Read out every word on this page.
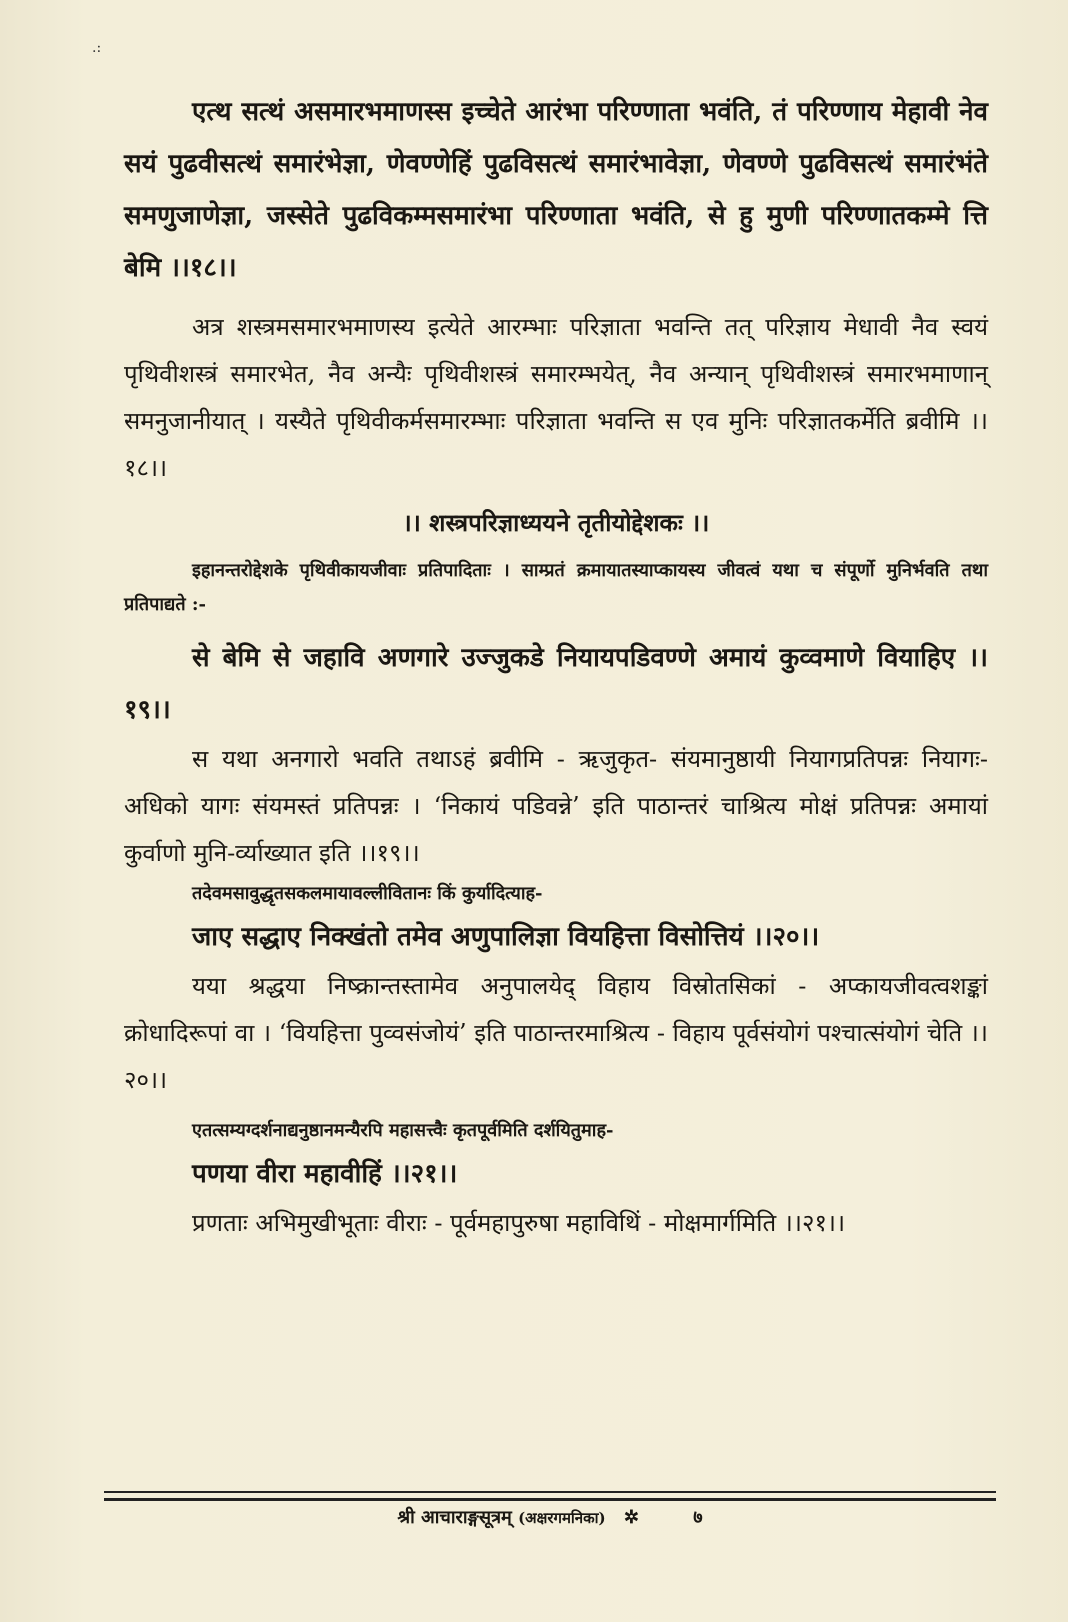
.:

एत्थ सत्थं असमारभमाणस्स इच्चेते आरंभा परिण्णाता भवंति, तं परिण्णाय मेहावी नेव सयं पुढवीसत्थं समारंभेज्ञा, णेवण्णेहिं पुढविसत्थं समारंभावेज्ञा, णेवण्णे पुढविसत्थं समारंभंते समणुजाणेज्ञा, जस्सेते पुढविकम्मसमारंभा परिण्णाता भवंति, से हु मुणी परिण्णातकम्मे त्ति बेमि ।।१८।।

अत्र शस्त्रमसमारभमाणस्य इत्येते आरम्भाः परिज्ञाता भवन्ति तत् परिज्ञाय मेधावी नैव स्वयं पृथिवीशस्त्रं समारभेत, नैव अन्यैः पृथिवीशस्त्रं समारम्भयेत्, नैव अन्यान् पृथिवीशस्त्रं समारभमाणान् समनुजानीयात् । यस्यैते पृथिवीकर्मसमारम्भाः परिज्ञाता भवन्ति स एव मुनिः परिज्ञातकर्मेति ब्रवीमि ।।१८।।

।। शस्त्रपरिज्ञाध्ययने तृतीयोद्देशकः ।।

इहानन्तरोद्देशके पृथिवीकायजीवाः प्रतिपादिताः । साम्प्रतं क्रमायातस्याप्कायस्य जीवत्वं यथा च संपूर्णो मुनिर्भवति तथा प्रतिपाद्यते :-

से बेमि से जहावि अणगारे उज्जुकडे नियायपडिवण्णे अमायं कुव्वमाणे वियाहिए ।।१९।।

स यथा अनगारो भवति तथाऽहं ब्रवीमि - ऋजुकृत- संयमानुष्ठायी नियागप्रतिपन्नः नियागः- अधिको यागः संयमस्तं प्रतिपन्नः । ‘निकायं पडिवन्ने’ इति पाठान्तरं चाश्रित्य मोक्षं प्रतिपन्नः अमायां कुर्वाणो मुनि-र्व्याख्यात इति ।।१९।।

तदेवमसावुद्धृतसकलमायावल्लीवितानः किं कुर्यादित्याह-

जाए सद्धाए निक्खंतो तमेव अणुपालिज्ञा वियहित्ता विसोत्तियं ।।२०।।

यया श्रद्धया निष्क्रान्तस्तामेव अनुपालयेद् विहाय विस्रोतसिकां - अप्कायजीवत्वशङ्कां क्रोधादिरूपां वा । ‘वियहित्ता पुव्वसंजोयं’ इति पाठान्तरमाश्रित्य - विहाय पूर्वसंयोगं पश्चात्संयोगं चेति ।।२०।।

एतत्सम्यग्दर्शनाद्यनुष्ठानमन्यैरपि महासत्त्वैः कृतपूर्वमिति दर्शयितुमाह-

पणया वीरा महावीहिं ।।२१।।

प्रणताः अभिमुखीभूताः वीराः - पूर्वमहापुरुषा महाविथिं - मोक्षमार्गमिति ।।२१।।

श्री आचाराङ्गसूत्रम् (अक्षरगमनिका) ✲	७
